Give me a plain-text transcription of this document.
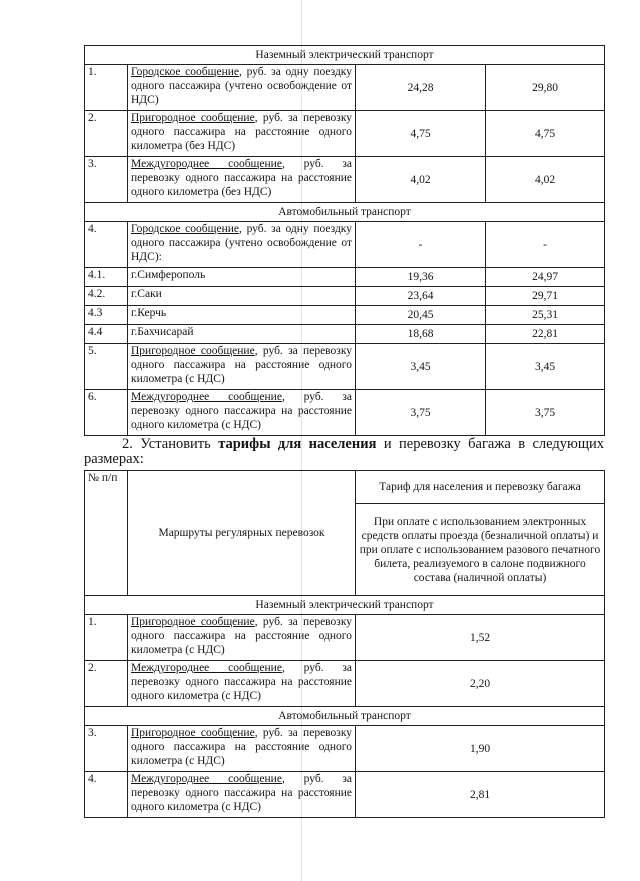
Наземный электрический транспорт			
1.	Городское сообщение, руб. за одну поездку одного пассажира (учтено освобождение от НДС)	24,28	29,80
2.	Пригородное сообщение, руб. за перевозку одного пассажира на расстояние одного километра (без НДС)	4,75	4,75
3.	Междугороднее сообщение, руб. за перевозку одного пассажира на расстояние одного километра (без НДС)	4,02	4,02
Автомобильный транспорт			
4.	Городское сообщение, руб. за одну поездку одного пассажира (учтено освобождение от НДС):	-	-
4.1.	г.Симферополь	19,36	24,97
4.2.	г.Саки	23,64	29,71
4.3	г.Керчь	20,45	25,31
4.4	г.Бахчисарай	18,68	22,81
5.	Пригородное сообщение, руб. за перевозку одного пассажира на расстояние одного километра (с НДС)	3,45	3,45
6.	Междугороднее сообщение, руб. за перевозку одного пассажира на расстояние одного километра (с НДС)	3,75	3,75
2. Установить тарифы для населения и перевозку багажа в следующих размерах:
№ п/п	Маршруты регулярных перевозок	Тариф для населения и перевозку багажа
		При оплате с использованием электронных средств оплаты проезда (безналичной оплаты) и при оплате с использованием разового печатного билета, реализуемого в салоне подвижного состава (наличной оплаты)
Наземный электрический транспорт		
1.	Пригородное сообщение, руб. за перевозку одного пассажира на расстояние одного километра (с НДС)	1,52
2.	Междугороднее сообщение, руб. за перевозку одного пассажира на расстояние одного километра (с НДС)	2,20
Автомобильный транспорт		
3.	Пригородное сообщение, руб. за перевозку одного пассажира на расстояние одного километра (с НДС)	1,90
4.	Междугороднее сообщение, руб. за перевозку одного пассажира на расстояние одного километра (с НДС)	2,81
